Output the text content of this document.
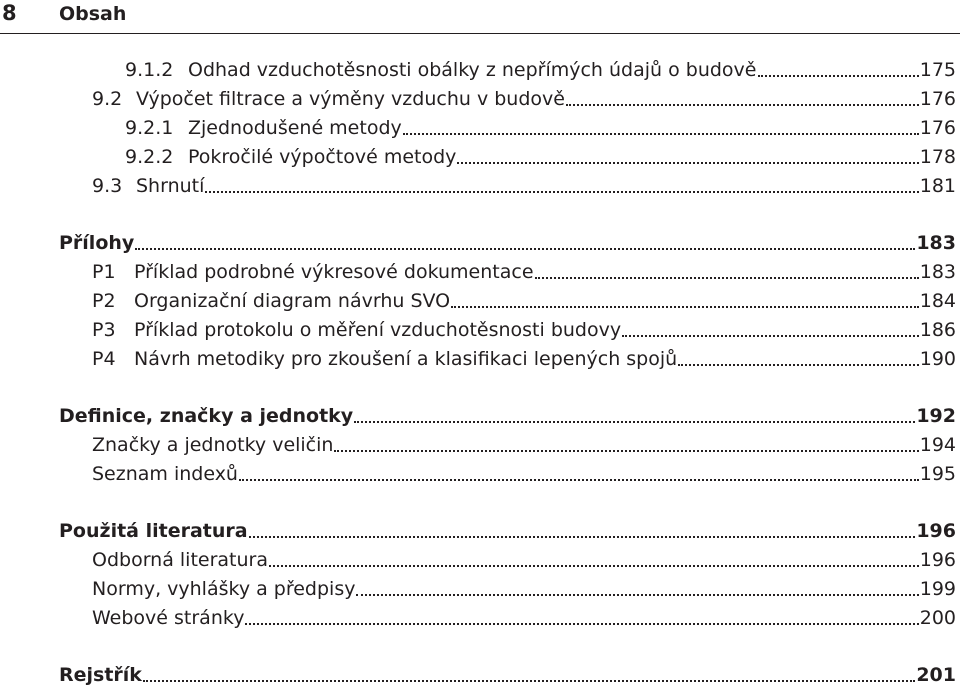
8 Obsah
9.1.2 Odhad vzduchotěsnosti obálky z nepřímých údajů o budově	175
9.2 Výpočet filtrace a výměny vzduchu v budově	176
9.2.1 Zjednodušené metody	176
9.2.2 Pokročilé výpočtové metody	178
9.3 Shrnutí	181
Přílohy	183
P1 Příklad podrobné výkresové dokumentace	183
P2 Organizační diagram návrhu SVO	184
P3 Příklad protokolu o měření vzduchotěsnosti budovy	186
P4 Návrh metodiky pro zkoušení a klasifikaci lepených spojů	190
Definice, značky a jednotky	192
Značky a jednotky veličin	194
Seznam indexů	195
Použitá literatura	196
Odborná literatura	196
Normy, vyhlášky a předpisy	199
Webové stránky	200
Rejstřík	201
